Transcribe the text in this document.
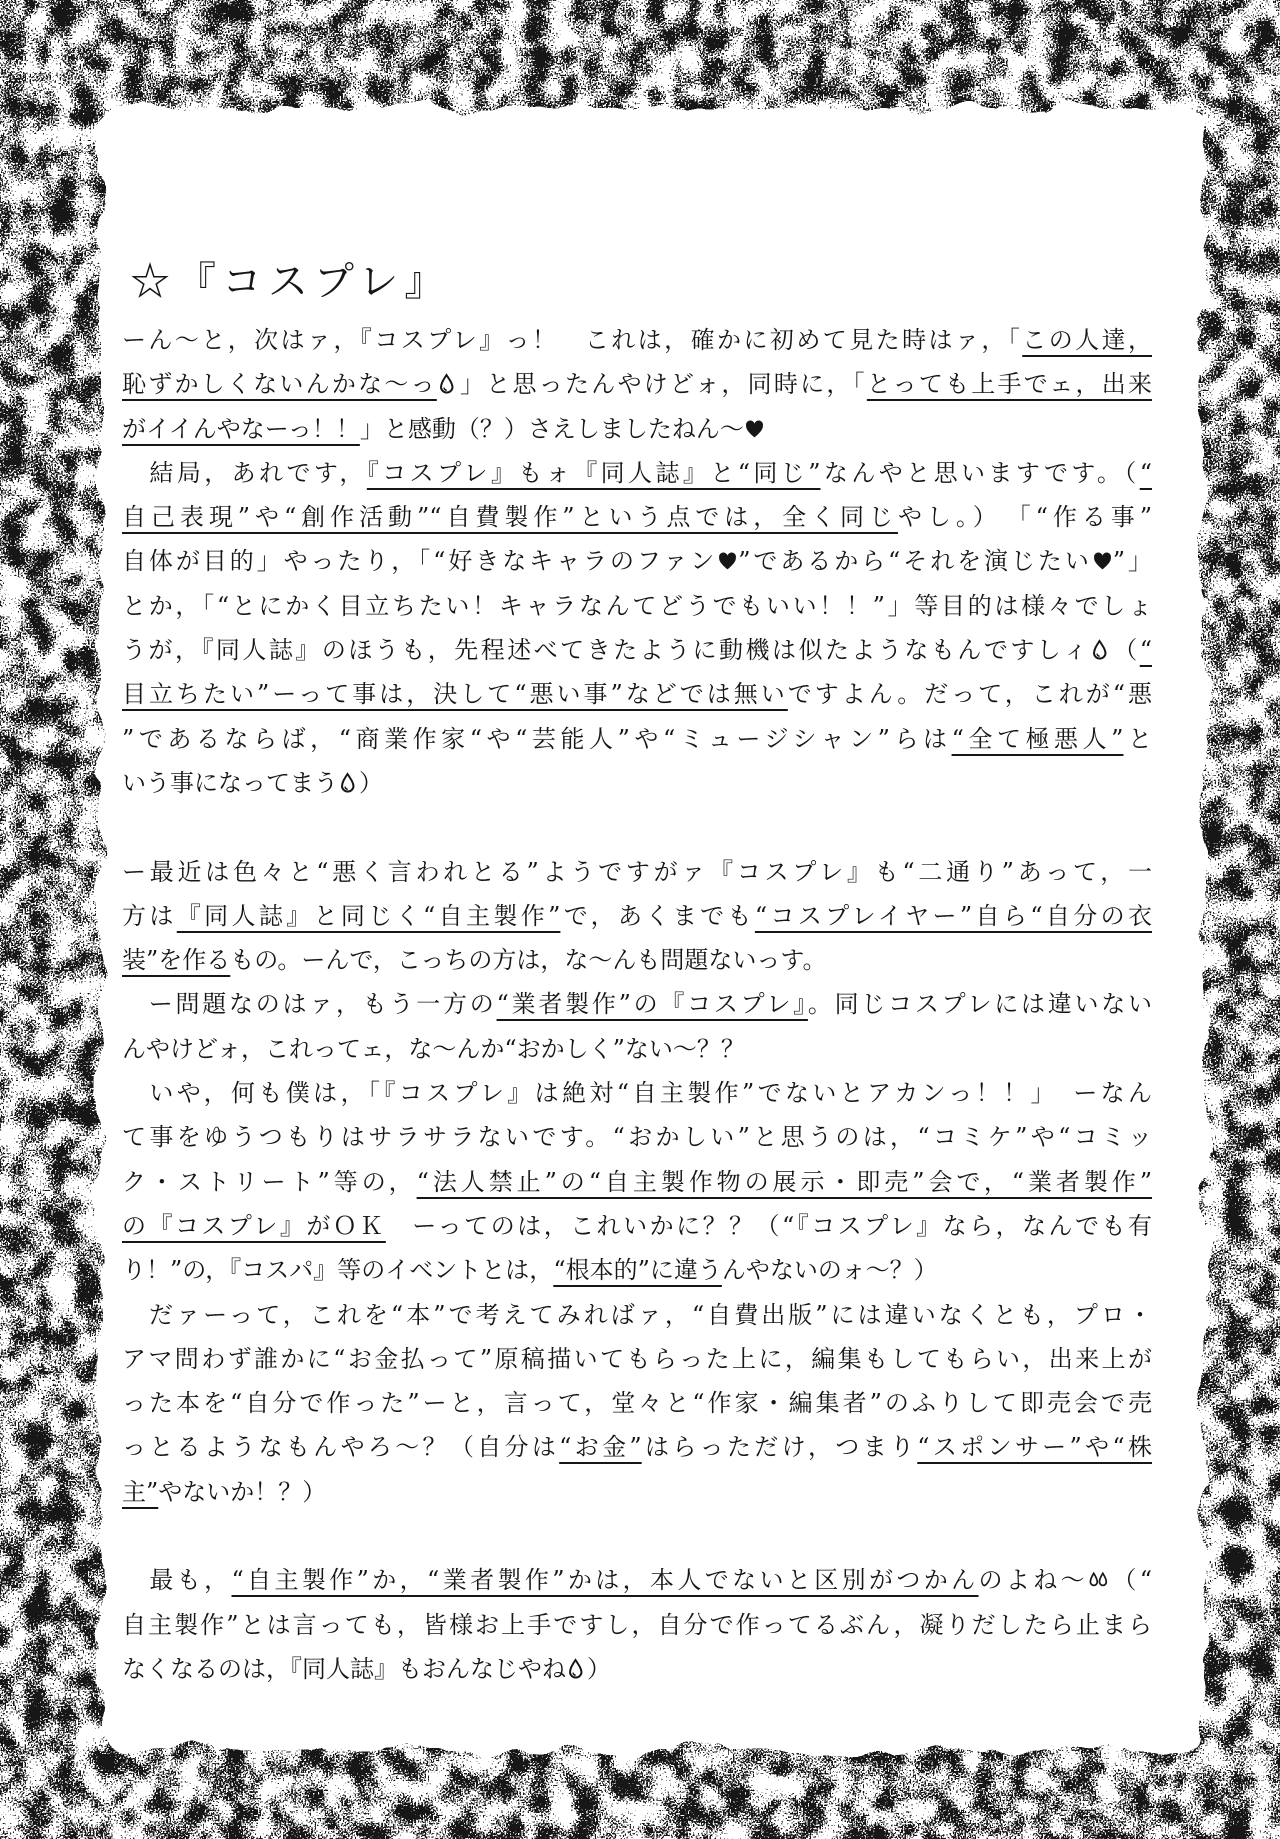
☆『コスプレ』
ーん〜と，次はァ，『コスプレ』っ！　これは，確かに初めて見た時はァ，「この人達，
恥ずかしくないんかな〜っ 」と思ったんやけどォ，同時に，「とっても上手でェ，出来
がイイんやなーっ！！」と感動（？）さえしましたねん〜
　結局，あれです，『コスプレ』もォ『同人誌』と“同じ”なんやと思いますです。（“
自己表現”や“創作活動”“自費製作”という点では，全く同じやし。）　「“作る事”
自体が目的」やったり，「“好きなキャラのファン ”であるから“それを演じたい ”」
とか，「“とにかく目立ちたい！キャラなんてどうでもいい！！”」等目的は様々でしょ
うが，『同人誌』のほうも，先程述べてきたように動機は似たようなもんですしィ （“
目立ちたい”ーって事は，決して“悪い事”などでは無いですよん。だって，これが“悪
”であるならば，“商業作家“や“芸能人”や“ミュージシャン”らは“全て極悪人”と
いう事になってまう ）
ー最近は色々と“悪く言われとる”ようですがァ『コスプレ』も“二通り”あって，一
方は『同人誌』と同じく“自主製作”で，あくまでも“コスプレイヤー”自ら“自分の衣
装”を作るもの。ーんで，こっちの方は，な〜んも問題ないっす。
　ー問題なのはァ，もう一方の“業者製作”の『コスプレ』。同じコスプレには違いない
んやけどォ，これってェ，な〜んか“おかしく”ない〜？？
　いや，何も僕は，「『コスプレ』は絶対“自主製作”でないとアカンっ！！」　ーなん
て事をゆうつもりはサラサラないです。“おかしい”と思うのは，“コミケ”や“コミッ
ク・ストリート”等の，“法人禁止”の“自主製作物の展示・即売”会で，“業者製作”
の『コスプレ』がＯＫ　ーってのは，これいかに？？（“『コスプレ』なら，なんでも有
り！”の，『コスパ』等のイベントとは，“根本的”に違うんやないのォ〜？）
　だァーって，これを“本”で考えてみればァ，“自費出版”には違いなくとも，プロ・
アマ問わず誰かに“お金払って”原稿描いてもらった上に，編集もしてもらい，出来上が
った本を“自分で作った”ーと，言って，堂々と“作家・編集者”のふりして即売会で売
っとるようなもんやろ〜？（自分は“お金”はらっただけ，つまり“スポンサー”や“株
主”やないか！？）
　最も，“自主製作”か，“業者製作”かは，本人でないと区別がつかんのよね〜 （“
自主製作”とは言っても，皆様お上手ですし，自分で作ってるぶん，凝りだしたら止まら
なくなるのは，『同人誌』もおんなじやね ）
